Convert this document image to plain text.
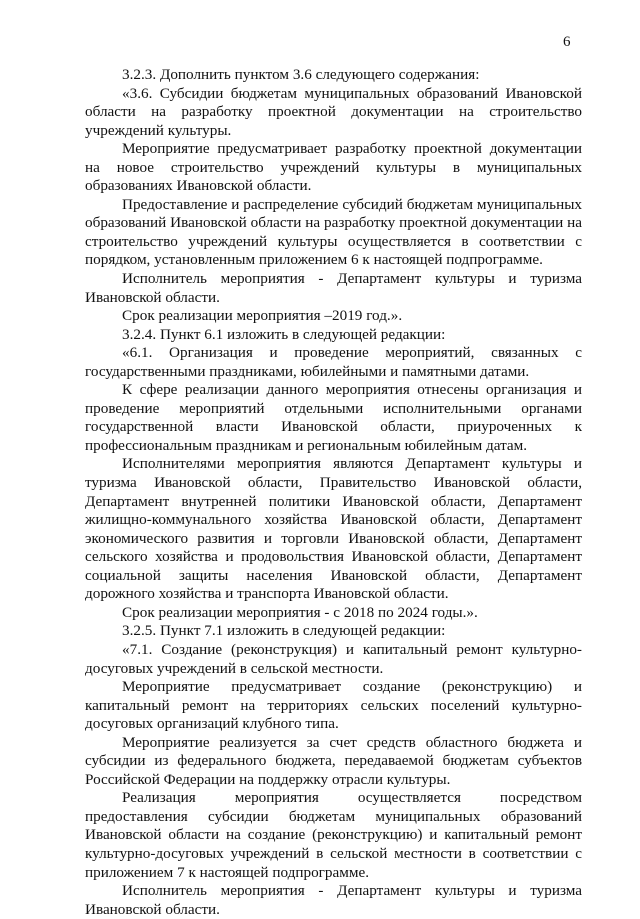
6

3.2.3. Дополнить пунктом 3.6 следующего содержания:

«3.6. Субсидии бюджетам муниципальных образований Ивановской области на разработку проектной документации на строительство учреждений культуры.

Мероприятие предусматривает разработку проектной документации на новое строительство учреждений культуры в муниципальных образованиях Ивановской области.

Предоставление и распределение субсидий бюджетам муниципальных образований Ивановской области на разработку проектной документации на строительство учреждений культуры осуществляется в соответствии с порядком, установленным приложением 6 к настоящей подпрограмме.

Исполнитель мероприятия - Департамент культуры и туризма Ивановской области.

Срок реализации мероприятия –2019 год.».

3.2.4. Пункт 6.1 изложить в следующей редакции:

«6.1. Организация и проведение мероприятий, связанных с государственными праздниками, юбилейными и памятными датами.

К сфере реализации данного мероприятия отнесены организация и проведение мероприятий отдельными исполнительными органами государственной власти Ивановской области, приуроченных к профессиональным праздникам и региональным юбилейным датам.

Исполнителями мероприятия являются Департамент культуры и туризма Ивановской области, Правительство Ивановской области, Департамент внутренней политики Ивановской области, Департамент жилищно-коммунального хозяйства Ивановской области, Департамент экономического развития и торговли Ивановской области, Департамент сельского хозяйства и продовольствия Ивановской области, Департамент социальной защиты населения Ивановской области, Департамент дорожного хозяйства и транспорта Ивановской области.

Срок реализации мероприятия - с 2018 по 2024 годы.».

3.2.5. Пункт 7.1 изложить в следующей редакции:

«7.1. Создание (реконструкция) и капитальный ремонт культурно-досуговых учреждений в сельской местности.

Мероприятие предусматривает создание (реконструкцию) и капитальный ремонт на территориях сельских поселений культурно-досуговых организаций клубного типа.

Мероприятие реализуется за счет средств областного бюджета и субсидии из федерального бюджета, передаваемой бюджетам субъектов Российской Федерации на поддержку отрасли культуры.

Реализация мероприятия осуществляется посредством предоставления субсидии бюджетам муниципальных образований Ивановской области на создание (реконструкцию) и капитальный ремонт культурно-досуговых учреждений в сельской местности в соответствии с приложением 7 к настоящей подпрограмме.

Исполнитель мероприятия - Департамент культуры и туризма Ивановской области.
